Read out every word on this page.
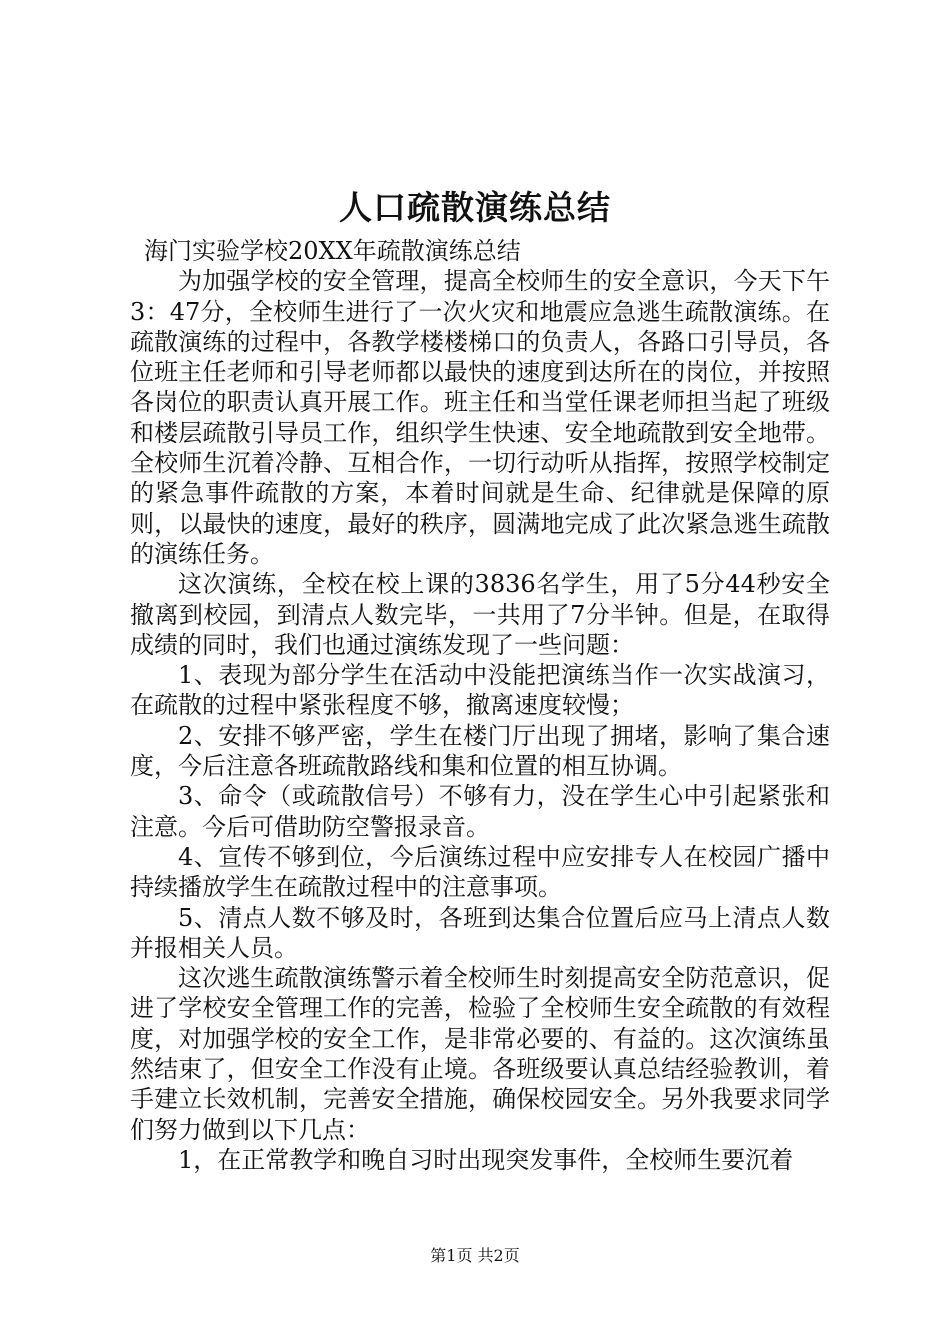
人口疏散演练总结

海门实验学校20XX年疏散演练总结

为加强学校的安全管理，提高全校师生的安全意识，今天下午3：47分，全校师生进行了一次火灾和地震应急逃生疏散演练。在疏散演练的过程中，各教学楼楼梯口的负责人，各路口引导员，各位班主任老师和引导老师都以最快的速度到达所在的岗位，并按照各岗位的职责认真开展工作。班主任和当堂任课老师担当起了班级和楼层疏散引导员工作，组织学生快速、安全地疏散到安全地带。全校师生沉着冷静、互相合作，一切行动听从指挥，按照学校制定的紧急事件疏散的方案，本着时间就是生命、纪律就是保障的原则，以最快的速度，最好的秩序，圆满地完成了此次紧急逃生疏散的演练任务。

这次演练，全校在校上课的3836名学生，用了5分44秒安全撤离到校园，到清点人数完毕，一共用了7分半钟。但是，在取得成绩的同时，我们也通过演练发现了一些问题：

1、表现为部分学生在活动中没能把演练当作一次实战演习，在疏散的过程中紧张程度不够，撤离速度较慢；

2、安排不够严密，学生在楼门厅出现了拥堵，影响了集合速度，今后注意各班疏散路线和集和位置的相互协调。

3、命令（或疏散信号）不够有力，没在学生心中引起紧张和注意。今后可借助防空警报录音。

4、宣传不够到位，今后演练过程中应安排专人在校园广播中持续播放学生在疏散过程中的注意事项。

5、清点人数不够及时，各班到达集合位置后应马上清点人数并报相关人员。

这次逃生疏散演练警示着全校师生时刻提高安全防范意识，促进了学校安全管理工作的完善，检验了全校师生安全疏散的有效程度，对加强学校的安全工作，是非常必要的、有益的。这次演练虽然结束了，但安全工作没有止境。各班级要认真总结经验教训，着手建立长效机制，完善安全措施，确保校园安全。另外我要求同学们努力做到以下几点：

1，在正常教学和晚自习时出现突发事件，全校师生要沉着

第1页 共2页
